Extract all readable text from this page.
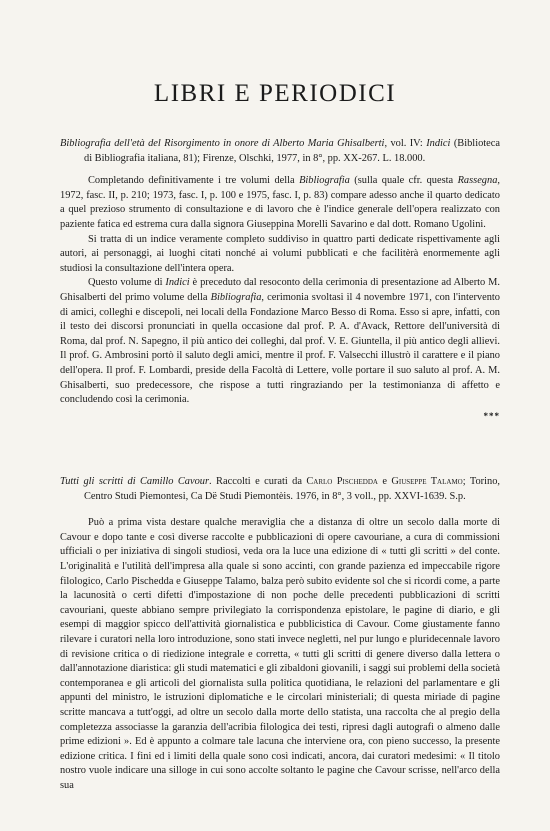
LIBRI E PERIODICI

Bibliografia dell'età del Risorgimento in onore di Alberto Maria Ghisalberti, vol. IV: Indici (Biblioteca di Bibliografia italiana, 81); Firenze, Olschki, 1977, in 8°, pp. XX-267. L. 18.000.

Completando definitivamente i tre volumi della Bibliografia (sulla quale cfr. questa Rassegna, 1972, fasc. II, p. 210; 1973, fasc. I, p. 100 e 1975, fasc. I, p. 83) compare adesso anche il quarto dedicato a quel prezioso strumento di consultazione e di lavoro che è l'indice generale dell'opera realizzato con paziente fatica ed estrema cura dalla signora Giuseppina Morelli Savarino e dal dott. Romano Ugolini.

Si tratta di un indice veramente completo suddiviso in quattro parti dedicate rispettivamente agli autori, ai personaggi, ai luoghi citati nonché ai volumi pubblicati e che facilitèrà enormemente agli studiosi la consultazione dell'intera opera.

Questo volume di Indici è preceduto dal resoconto della cerimonia di presentazione ad Alberto M. Ghisalberti del primo volume della Bibliografia, cerimonia svoltasi il 4 novembre 1971, con l'intervento di amici, colleghi e discepoli, nei locali della Fondazione Marco Besso di Roma. Esso si apre, infatti, con il testo dei discorsi pronunciati in quella occasione dal prof. P. A. d'Avack, Rettore dell'università di Roma, dal prof. N. Sapegno, il più antico dei colleghi, dal prof. V. E. Giuntella, il più antico degli allievi. Il prof. G. Ambrosini portò il saluto degli amici, mentre il prof. F. Valsecchi illustrò il carattere e il piano dell'opera. Il prof. F. Lombardi, preside della Facoltà di Lettere, volle portare il suo saluto al prof. A. M. Ghisalberti, suo predecessore, che rispose a tutti ringraziando per la testimonianza di affetto e concludendo così la cerimonia.

***

Tutti gli scritti di Camillo Cavour. Raccolti e curati da Carlo Pischedda e Giuseppe Talamo; Torino, Centro Studi Piemontesi, Ca Dë Studi Piemontèis. 1976, in 8°, 3 voll., pp. XXVI-1639. S.p.

Può a prima vista destare qualche meraviglia che a distanza di oltre un secolo dalla morte di Cavour e dopo tante e così diverse raccolte e pubblicazioni di opere cavouriane, a cura di commissioni ufficiali o per iniziativa di singoli studiosi, veda ora la luce una edizione di « tutti gli scritti » del conte. L'originalità e l'utilità dell'impresa alla quale si sono accinti, con grande pazienza ed impeccabile rigore filologico, Carlo Pischedda e Giuseppe Talamo, balza però subito evidente sol che si ricordi come, a parte la lacunosità o certi difetti d'impostazione di non poche delle precedenti pubblicazioni di scritti cavouriani, queste abbiano sempre privilegiato la corrispondenza epistolare, le pagine di diario, e gli esempi di maggior spicco dell'attività giornalistica e pubblicistica di Cavour. Come giustamente fanno rilevare i curatori nella loro introduzione, sono stati invece neglettì, nel pur lungo e pluridecennale lavoro di revisione critica o di riedizione integrale e corretta, « tutti gli scritti di genere diverso dalla lettera o dall'annotazione diaristica: gli studi matematici e gli zibaldoni giovanili, i saggi sui problemi della società contemporanea e gli articoli del giornalista sulla politica quotidiana, le relazioni del parlamentare e gli appunti del ministro, le istruzioni diplomatiche e le circolari ministeriali; di questa miriade di pagine scritte mancava a tutt'oggi, ad oltre un secolo dalla morte dello statista, una raccolta che al pregio della completezza associasse la garanzia dell'acribia filologica dei testi, ripresi dagli autografi o almeno dalle prime edizioni ». Ed è appunto a colmare tale lacuna che interviene ora, con pieno successo, la presente edizione critica. I fini ed i limiti della quale sono così indicati, ancora, dai curatori medesimi: « Il titolo nostro vuole indicare una silloge in cui sono accolte soltanto le pagine che Cavour scrisse, nell'arco della sua
